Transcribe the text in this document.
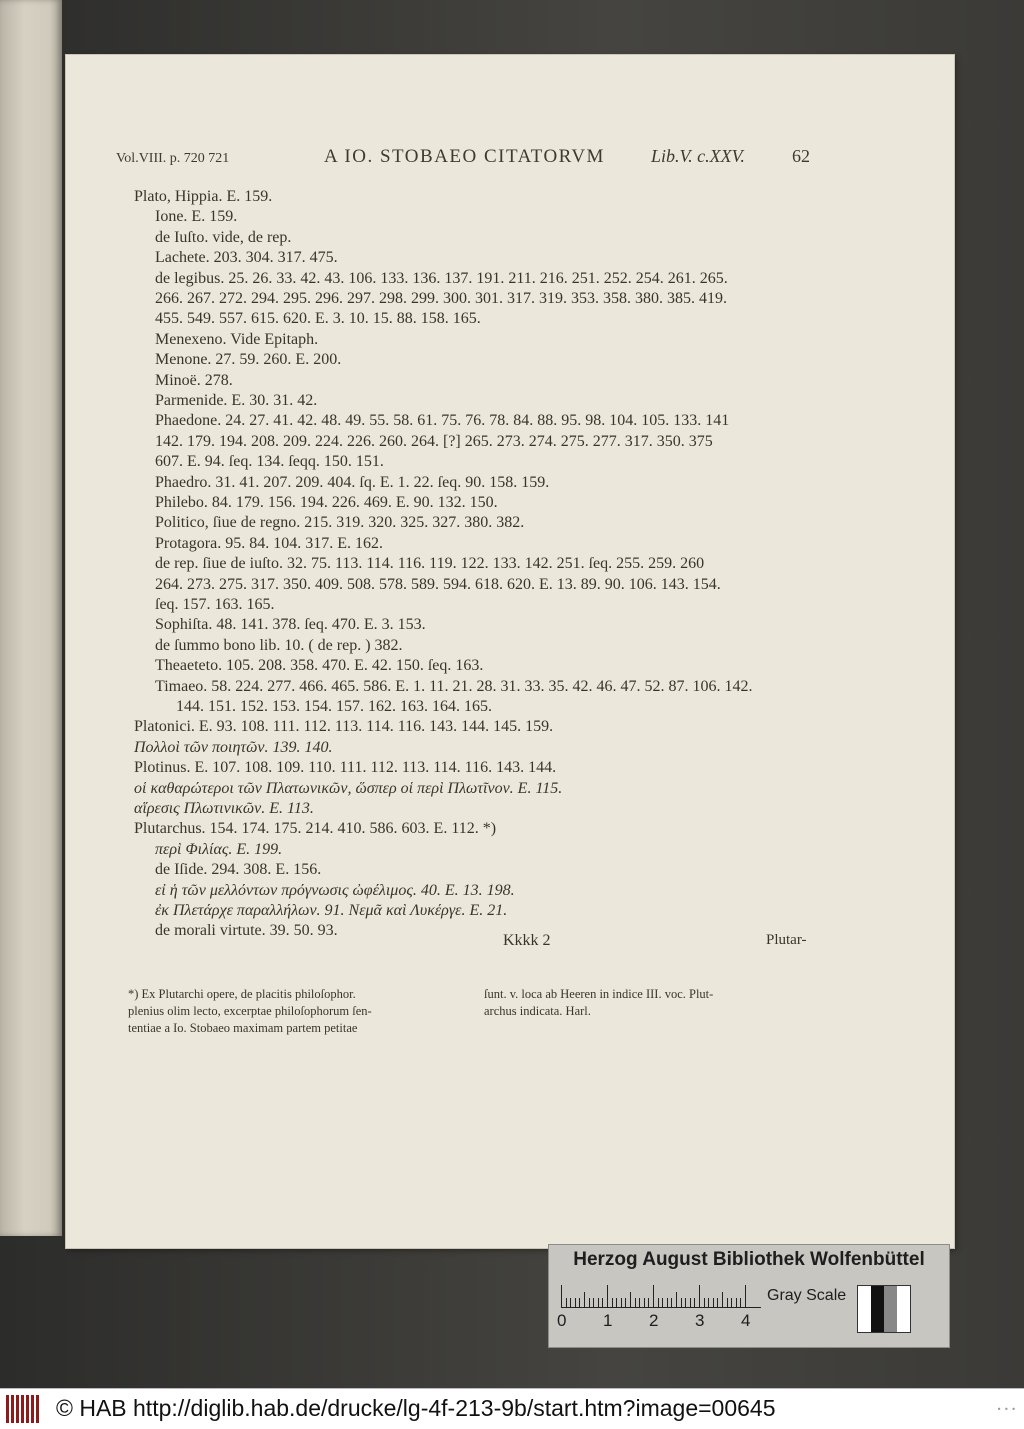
Vol.VIII. p. 720 721	A IO. STOBAEO CITATORVM	Lib.V. c.XXV.	62
Plato, Hippia. E. 159.
Ione. E. 159.
de Iuſto. vide, de rep.
Lachete. 203. 304. 317. 475.
de legibus. 25. 26. 33. 42. 43. 106. 133. 136. 137. 191. 211. 216. 251. 252. 254. 261. 265.
266. 267. 272. 294. 295. 296. 297. 298. 299. 300. 301. 317. 319. 353. 358. 380. 385. 419.
455. 549. 557. 615. 620. E. 3. 10. 15. 88. 158. 165.
Menexeno. Vide Epitaph.
Menone. 27. 59. 260. E. 200.
Minoë. 278.
Parmenide. E. 30. 31. 42.
Phaedone. 24. 27. 41. 42. 48. 49. 55. 58. 61. 75. 76. 78. 84. 88. 95. 98. 104. 105. 133. 141
142. 179. 194. 208. 209. 224. 226. 260. 264. [?] 265. 273. 274. 275. 277. 317. 350. 375
607. E. 94. ſeq. 134. ſeqq. 150. 151.
Phaedro. 31. 41. 207. 209. 404. ſq. E. 1. 22. ſeq. 90. 158. 159.
Philebo. 84. 179. 156. 194. 226. 469. E. 90. 132. 150.
Politico, ſiue de regno. 215. 319. 320. 325. 327. 380. 382.
Protagora. 95. 84. 104. 317. E. 162.
de rep. ſiue de iuſto. 32. 75. 113. 114. 116. 119. 122. 133. 142. 251. ſeq. 255. 259. 260
264. 273. 275. 317. 350. 409. 508. 578. 589. 594. 618. 620. E. 13. 89. 90. 106. 143. 154.
ſeq. 157. 163. 165.
Sophiſta. 48. 141. 378. ſeq. 470. E. 3. 153.
de ſummo bono lib. 10. ( de rep. ) 382.
Theaeteto. 105. 208. 358. 470. E. 42. 150. ſeq. 163.
Timaeo. 58. 224. 277. 466. 465. 586. E. 1. 11. 21. 28. 31. 33. 35. 42. 46. 47. 52. 87. 106. 142.
144. 151. 152. 153. 154. 157. 162. 163. 164. 165.
Platonici. E. 93. 108. 111. 112. 113. 114. 116. 143. 144. 145. 159.
Πολλοὶ τῶν ποιητῶν. 139. 140.
Plotinus. E. 107. 108. 109. 110. 111. 112. 113. 114. 116. 143. 144.
οἱ καθαρώτεροι τῶν Πλατωνικῶν, ὥσπερ οἱ περὶ Πλωτῖνον. E. 115.
αἵρεσις Πλωτινικῶν. E. 113.
Plutarchus. 154. 174. 175. 214. 410. 586. 603. E. 112. *)
περὶ Φιλίας. E. 199.
de Iſide. 294. 308. E. 156.
εἰ ἡ τῶν μελλόντων πρόγνωσις ὠφέλιμος. 40. E. 13. 198.
ἐκ Πλετάρχε παραλλήλων. 91. Νεμᾶ καὶ Λυκέργε. E. 21.
de morali virtute. 39. 50. 93.
Kkkk 2	Plutar-
*) Ex Plutarchi opere, de placitis philoſophor.
plenius olim lecto, excerptae philoſophorum ſen-
tentiae a Io. Stobaeo maximam partem petitae
ſunt. v. loca ab Heeren in indice III. voc. Plut-
archus indicata. Harl.
Herzog August Bibliothek Wolfenbüttel
0 1 2 3 4
Gray Scale
© HAB http://diglib.hab.de/drucke/lg-4f-213-9b/start.htm?image=00645	• • •
